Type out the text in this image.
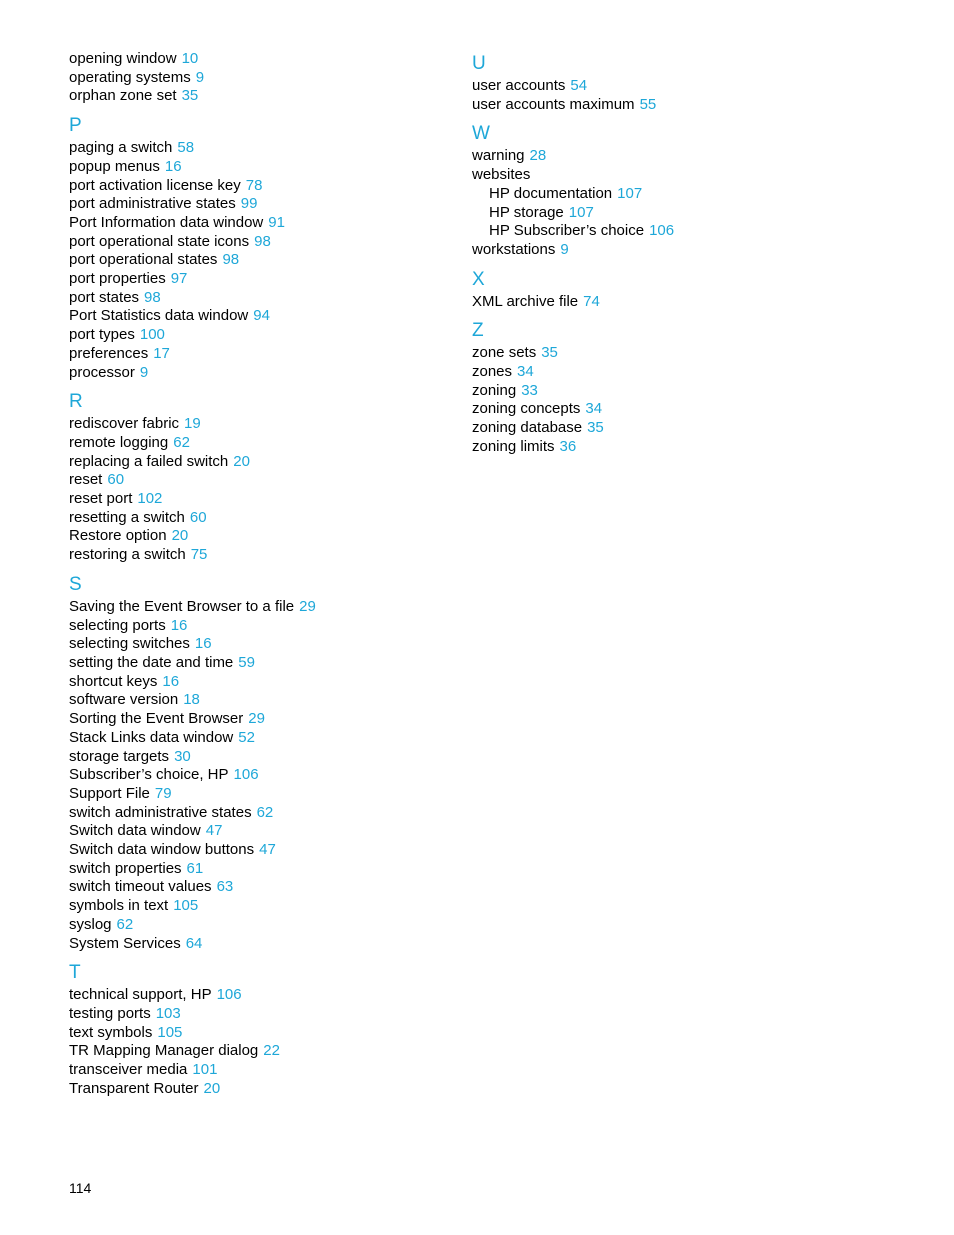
opening window 10
operating systems 9
orphan zone set 35
P
paging a switch 58
popup menus 16
port activation license key 78
port administrative states 99
Port Information data window 91
port operational state icons 98
port operational states 98
port properties 97
port states 98
Port Statistics data window 94
port types 100
preferences 17
processor 9
R
rediscover fabric 19
remote logging 62
replacing a failed switch 20
reset 60
reset port 102
resetting a switch 60
Restore option 20
restoring a switch 75
S
Saving the Event Browser to a file 29
selecting ports 16
selecting switches 16
setting the date and time 59
shortcut keys 16
software version 18
Sorting the Event Browser 29
Stack Links data window 52
storage targets 30
Subscriber’s choice, HP 106
Support File 79
switch administrative states 62
Switch data window 47
Switch data window buttons 47
switch properties 61
switch timeout values 63
symbols in text 105
syslog 62
System Services 64
T
technical support, HP 106
testing ports 103
text symbols 105
TR Mapping Manager dialog 22
transceiver media 101
Transparent Router 20
U
user accounts 54
user accounts maximum 55
W
warning 28
websites
HP documentation 107
HP storage 107
HP Subscriber’s choice 106
workstations 9
X
XML archive file 74
Z
zone sets 35
zones 34
zoning 33
zoning concepts 34
zoning database 35
zoning limits 36
114
